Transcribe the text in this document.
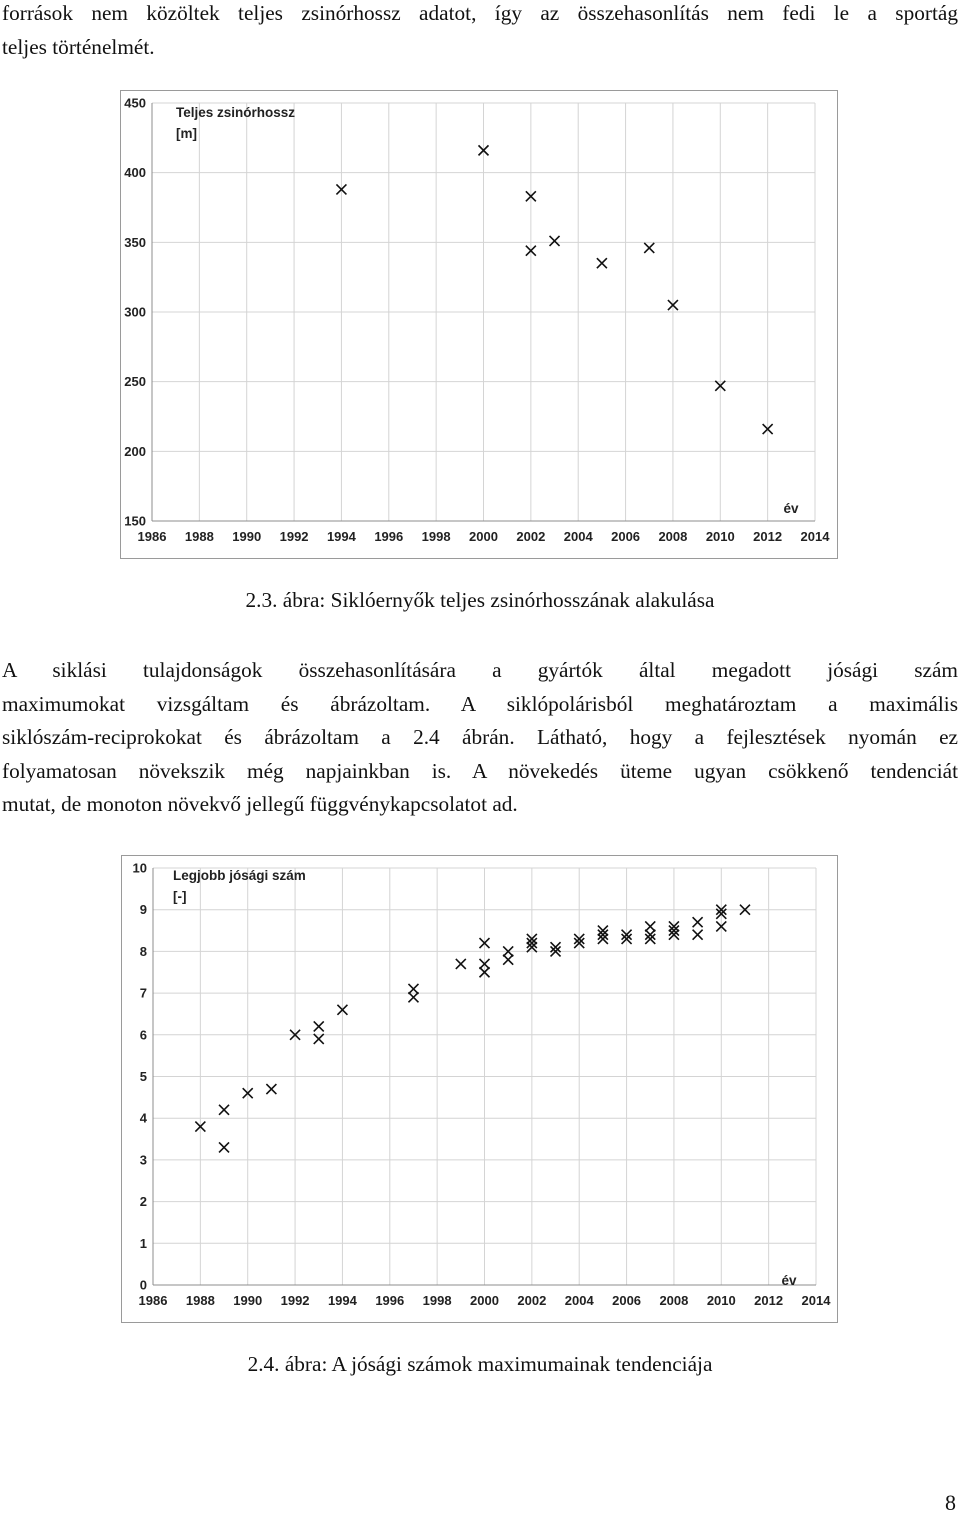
források nem közöltek teljes zsinórhossz adatot, így az összehasonlítás nem fedi le a sportág
teljes történelmét.
150
200
250
300
350
400
450
1986 1988 1990 1992 1994 1996 1998 2000 2002 2004 2006 2008 2010 2012 2014
Teljes zsinórhossz
[m]
év

2.3. ábra: Siklóernyők teljes zsinórhosszának alakulása

A siklási tulajdonságok összehasonlítására a gyártók által megadott jósági szám
maximumokat vizsgáltam és ábrázoltam. A siklópolárisból meghatároztam a maximális
siklószám-reciprokokat és ábrázoltam a 2.4 ábrán. Látható, hogy a fejlesztések nyomán ez
folyamatosan növekszik még napjainkban is. A növekedés üteme ugyan csökkenő tendenciát
mutat, de monoton növekvő jellegű függvénykapcsolatot ad.
0
1
2
3
4
5
6
7
8
9
10
1986 1988 1990 1992 1994 1996 1998 2000 2002 2004 2006 2008 2010 2012 2014
Legjobb jósági szám
[-]
év

2.4. ábra: A jósági számok maximumainak tendenciája

8
